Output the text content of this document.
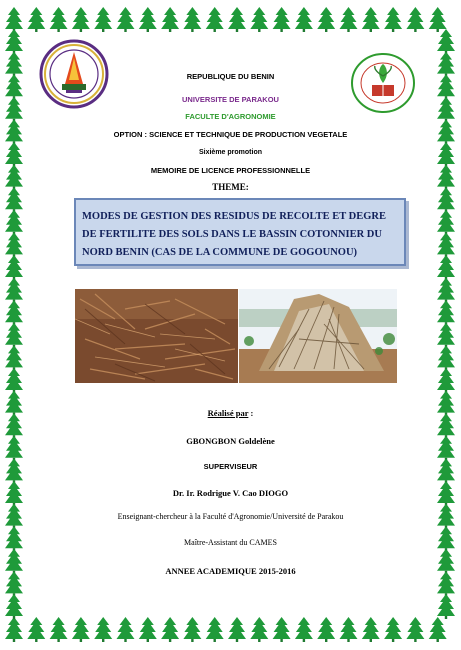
REPUBLIQUE DU BENIN
UNIVERSITE DE PARAKOU
FACULTE D'AGRONOMIE
OPTION : SCIENCE ET TECHNIQUE DE PRODUCTION VEGETALE
Sixième promotion
MEMOIRE DE LICENCE PROFESSIONNELLE
THEME:
MODES DE GESTION DES RESIDUS DE RECOLTE ET DEGRE DE FERTILITE DES SOLS DANS LE BASSIN COTONNIER DU NORD BENIN (CAS DE LA COMMUNE DE GOGOUNOU)
Réalisé par :
GBONGBON Goldelène
SUPERVISEUR
Dr. Ir. Rodrigue V. Cao DIOGO
Enseignant-chercheur à la Faculté d'Agronomie/Université de Parakou
Maître-Assistant du CAMES
ANNEE ACADEMIQUE 2015-2016
